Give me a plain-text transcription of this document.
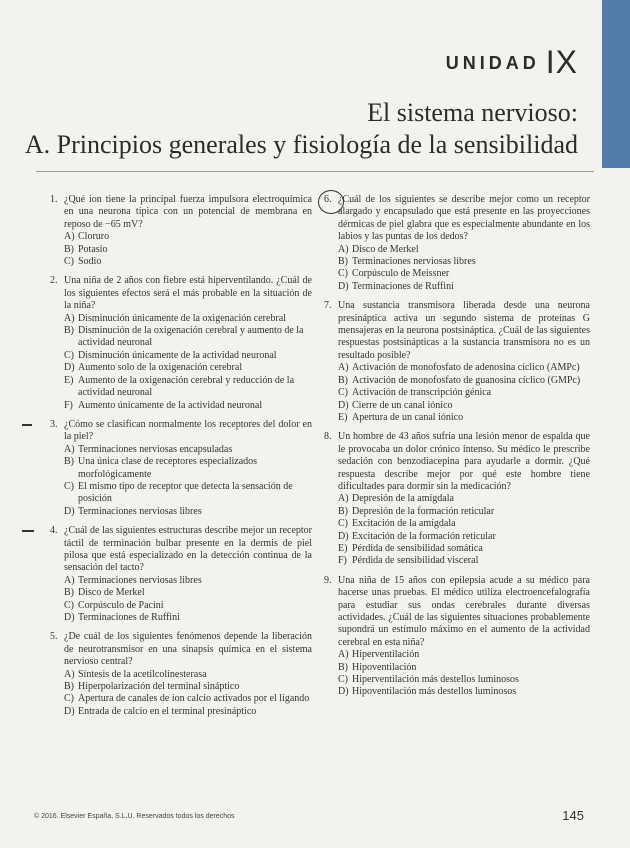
UNIDAD IX
El sistema nervioso:
A. Principios generales y fisiología de la sensibilidad
1. ¿Qué ion tiene la principal fuerza impulsora electroquímica en una neurona típica con un potencial de membrana en reposo de −65 mV?
A) Cloruro
B) Potasio
C) Sodio
2. Una niña de 2 años con fiebre está hiperventilando. ¿Cuál de los siguientes efectos será el más probable en la situación de la niña?
A) Disminución únicamente de la oxigenación cerebral
B) Disminución de la oxigenación cerebral y aumento de la actividad neuronal
C) Disminución únicamente de la actividad neuronal
D) Aumento solo de la oxigenación cerebral
E) Aumento de la oxigenación cerebral y reducción de la actividad neuronal
F) Aumento únicamente de la actividad neuronal
3. ¿Cómo se clasifican normalmente los receptores del dolor en la piel?
A) Terminaciones nerviosas encapsuladas
B) Una única clase de receptores especializados morfológicamente
C) El mismo tipo de receptor que detecta la sensación de posición
D) Terminaciones nerviosas libres
4. ¿Cuál de las siguientes estructuras describe mejor un receptor táctil de terminación bulbar presente en la dermis de piel pilosa que está especializado en la detección continua de la sensación del tacto?
A) Terminaciones nerviosas libres
B) Disco de Merkel
C) Corpúsculo de Pacini
D) Terminaciones de Ruffini
5. ¿De cuál de los siguientes fenómenos depende la liberación de neurotransmisor en una sinapsis química en el sistema nervioso central?
A) Síntesis de la acetilcolinesterasa
B) Hiperpolarización del terminal sináptico
C) Apertura de canales de ion calcio activados por el ligando
D) Entrada de calcio en el terminal presináptico
6. ¿Cuál de los siguientes se describe mejor como un receptor alargado y encapsulado que está presente en las proyecciones dérmicas de piel glabra que es especialmente abundante en los labios y las puntas de los dedos?
A) Disco de Merkel
B) Terminaciones nerviosas libres
C) Corpúsculo de Meissner
D) Terminaciones de Ruffini
7. Una sustancia transmisora liberada desde una neurona presináptica activa un segundo sistema de proteínas G mensajeras en la neurona postsináptica. ¿Cuál de las siguientes respuestas postsinápticas a la sustancia transmisora no es un resultado posible?
A) Activación de monofosfato de adenosina cíclico (AMPc)
B) Activación de monofosfato de guanosina cíclico (GMPc)
C) Activación de transcripción génica
D) Cierre de un canal iónico
E) Apertura de un canal iónico
8. Un hombre de 43 años sufría una lesión menor de espalda que le provocaba un dolor crónico intenso. Su médico le prescribe sedación con benzodiacepina para ayudarle a dormir. ¿Qué respuesta describe mejor por qué este hombre tiene dificultades para dormir sin la medicación?
A) Depresión de la amígdala
B) Depresión de la formación reticular
C) Excitación de la amígdala
D) Excitación de la formación reticular
E) Pérdida de sensibilidad somática
F) Pérdida de sensibilidad visceral
9. Una niña de 15 años con epilepsia acude a su médico para hacerse unas pruebas. El médico utiliza electroencefalografía para estudiar sus ondas cerebrales durante diversas actividades. ¿Cuál de las siguientes situaciones probablemente supondrá un estímulo máximo en el aumento de la actividad cerebral en esta niña?
A) Hiperventilación
B) Hipoventilación
C) Hiperventilación más destellos luminosos
D) Hipoventilación más destellos luminosos
© 2016. Elsevier España, S.L.U. Reservados todos los derechos	145
